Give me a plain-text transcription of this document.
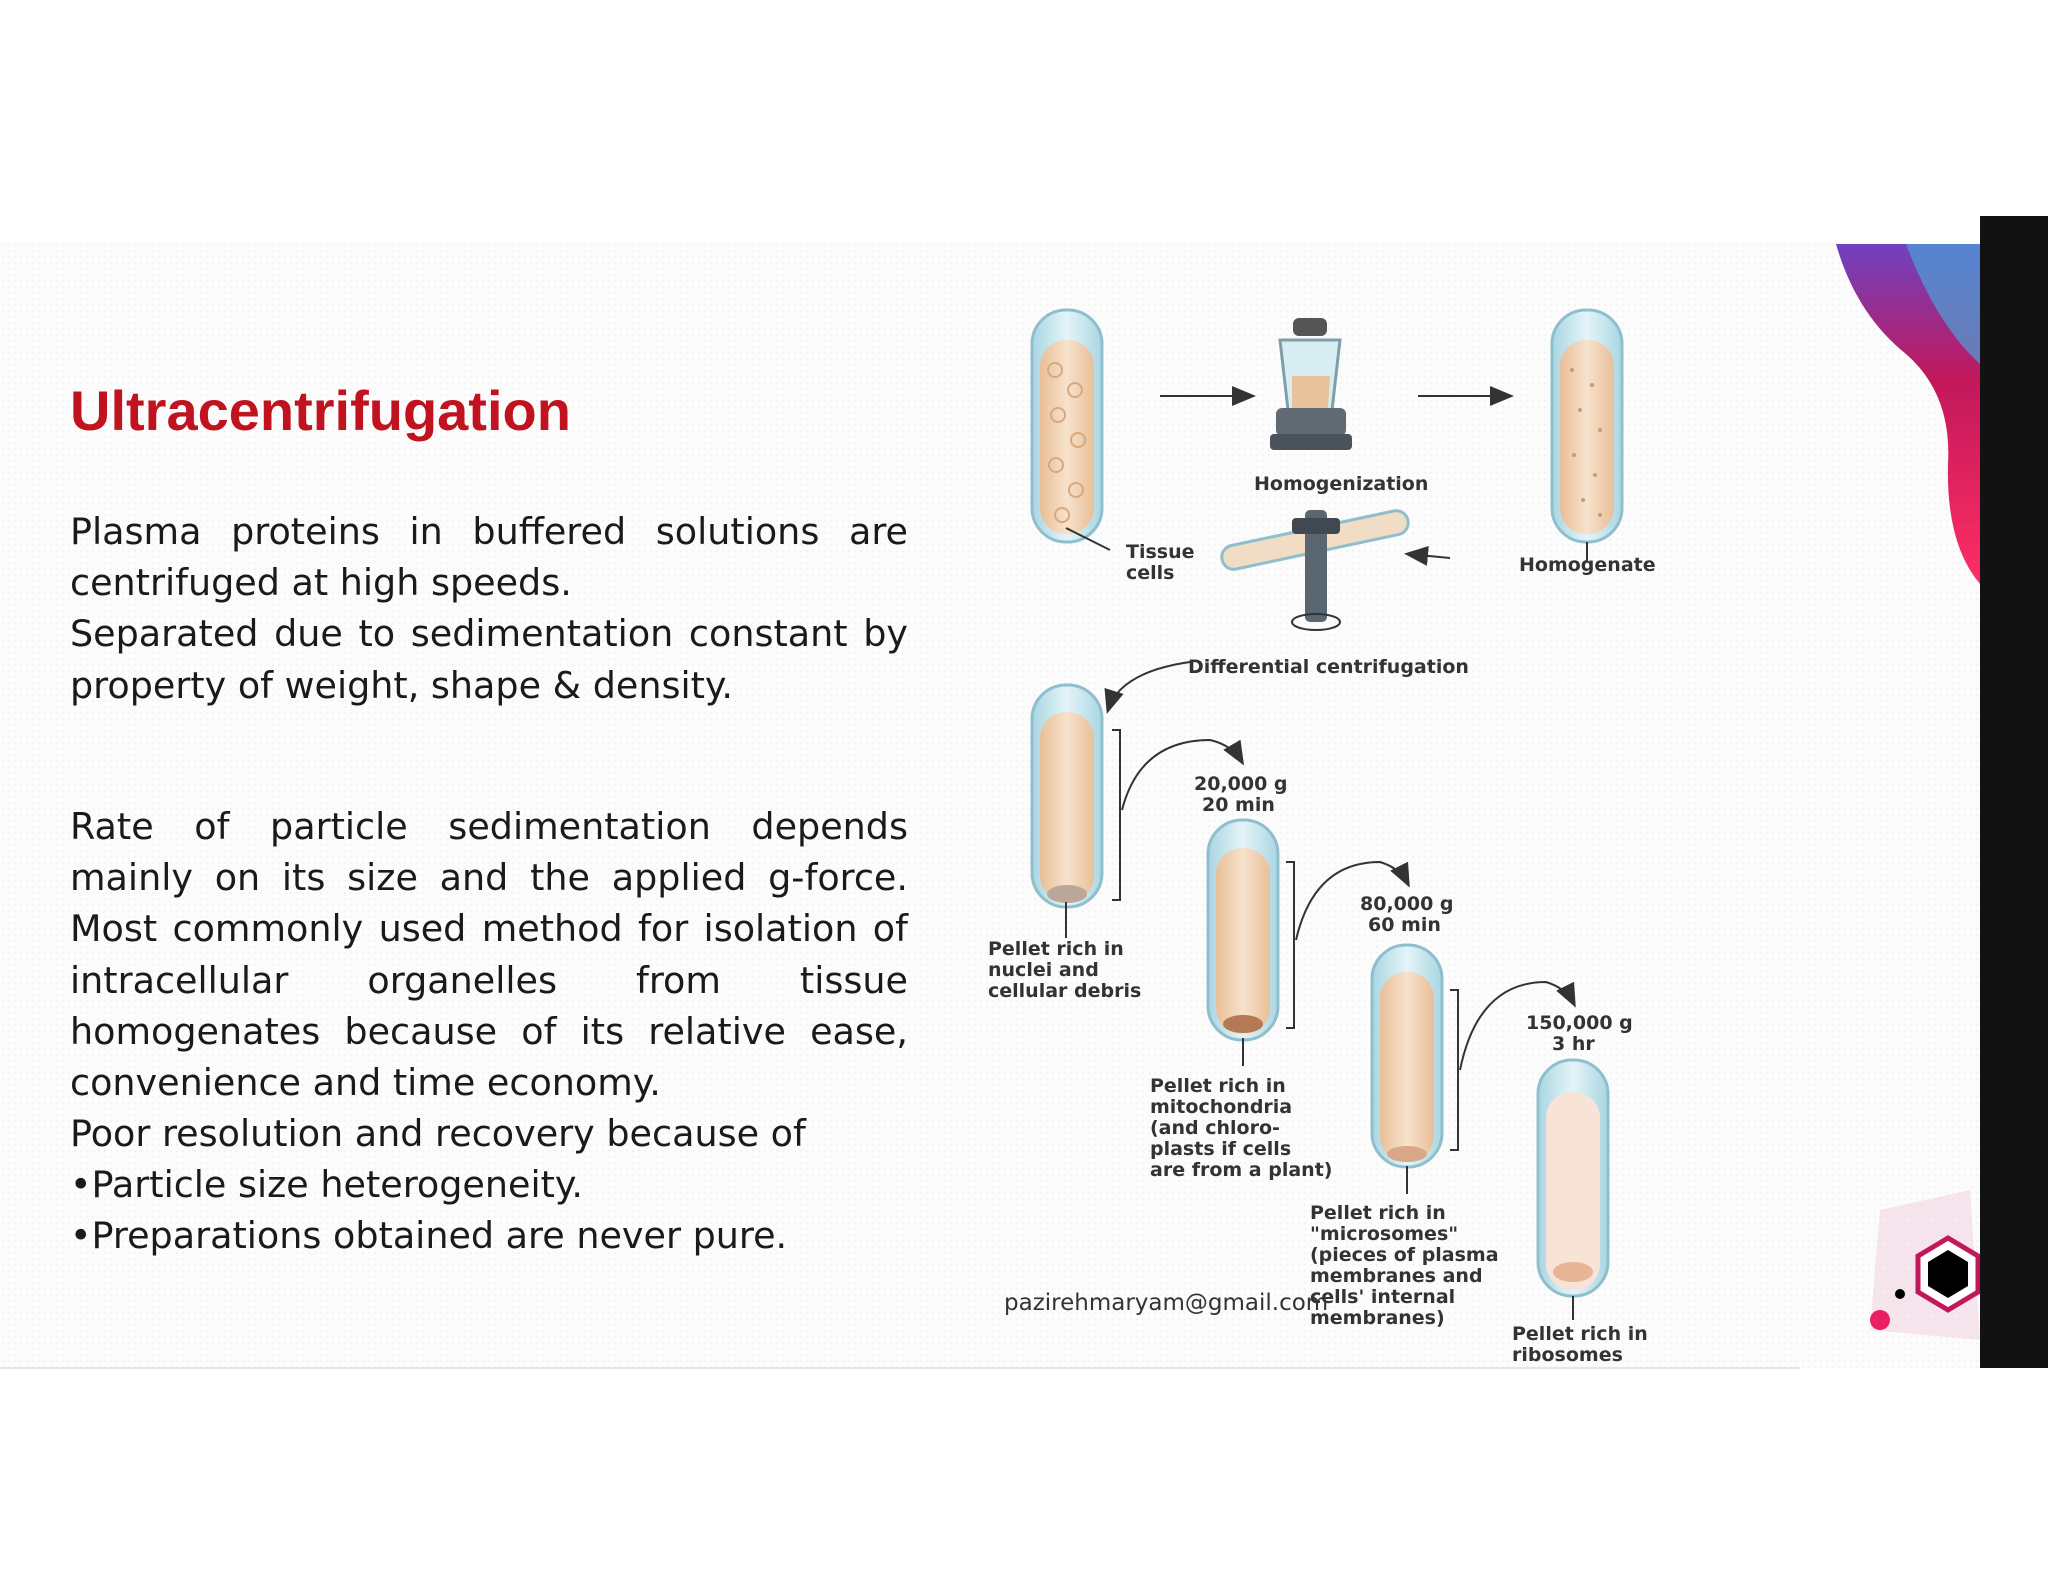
Ultracentrifugation

Plasma proteins in buffered solutions are centrifuged at high speeds.
Separated due to sedimentation constant by property of weight, shape & density.

Rate of particle sedimentation depends mainly on its size and the applied g-force. Most commonly used method for isolation of intracellular organelles from tissue homogenates because of its relative ease, convenience and time economy.

Poor resolution and recovery because of
•Particle size heterogeneity.
•Preparations obtained are never pure.

Tissue
cells
Homogenization
Homogenate
Differential centrifugation
20,000 g
20 min
Pellet rich in
nuclei and
cellular debris
80,000 g
60 min
Pellet rich in
mitochondria
(and chloro-
plasts if cells
are from a plant)
150,000 g
3 hr
Pellet rich in
"microsomes"
(pieces of plasma
membranes and
cells' internal
membranes)
Pellet rich in
ribosomes

pazirehmaryam@gmail.com
